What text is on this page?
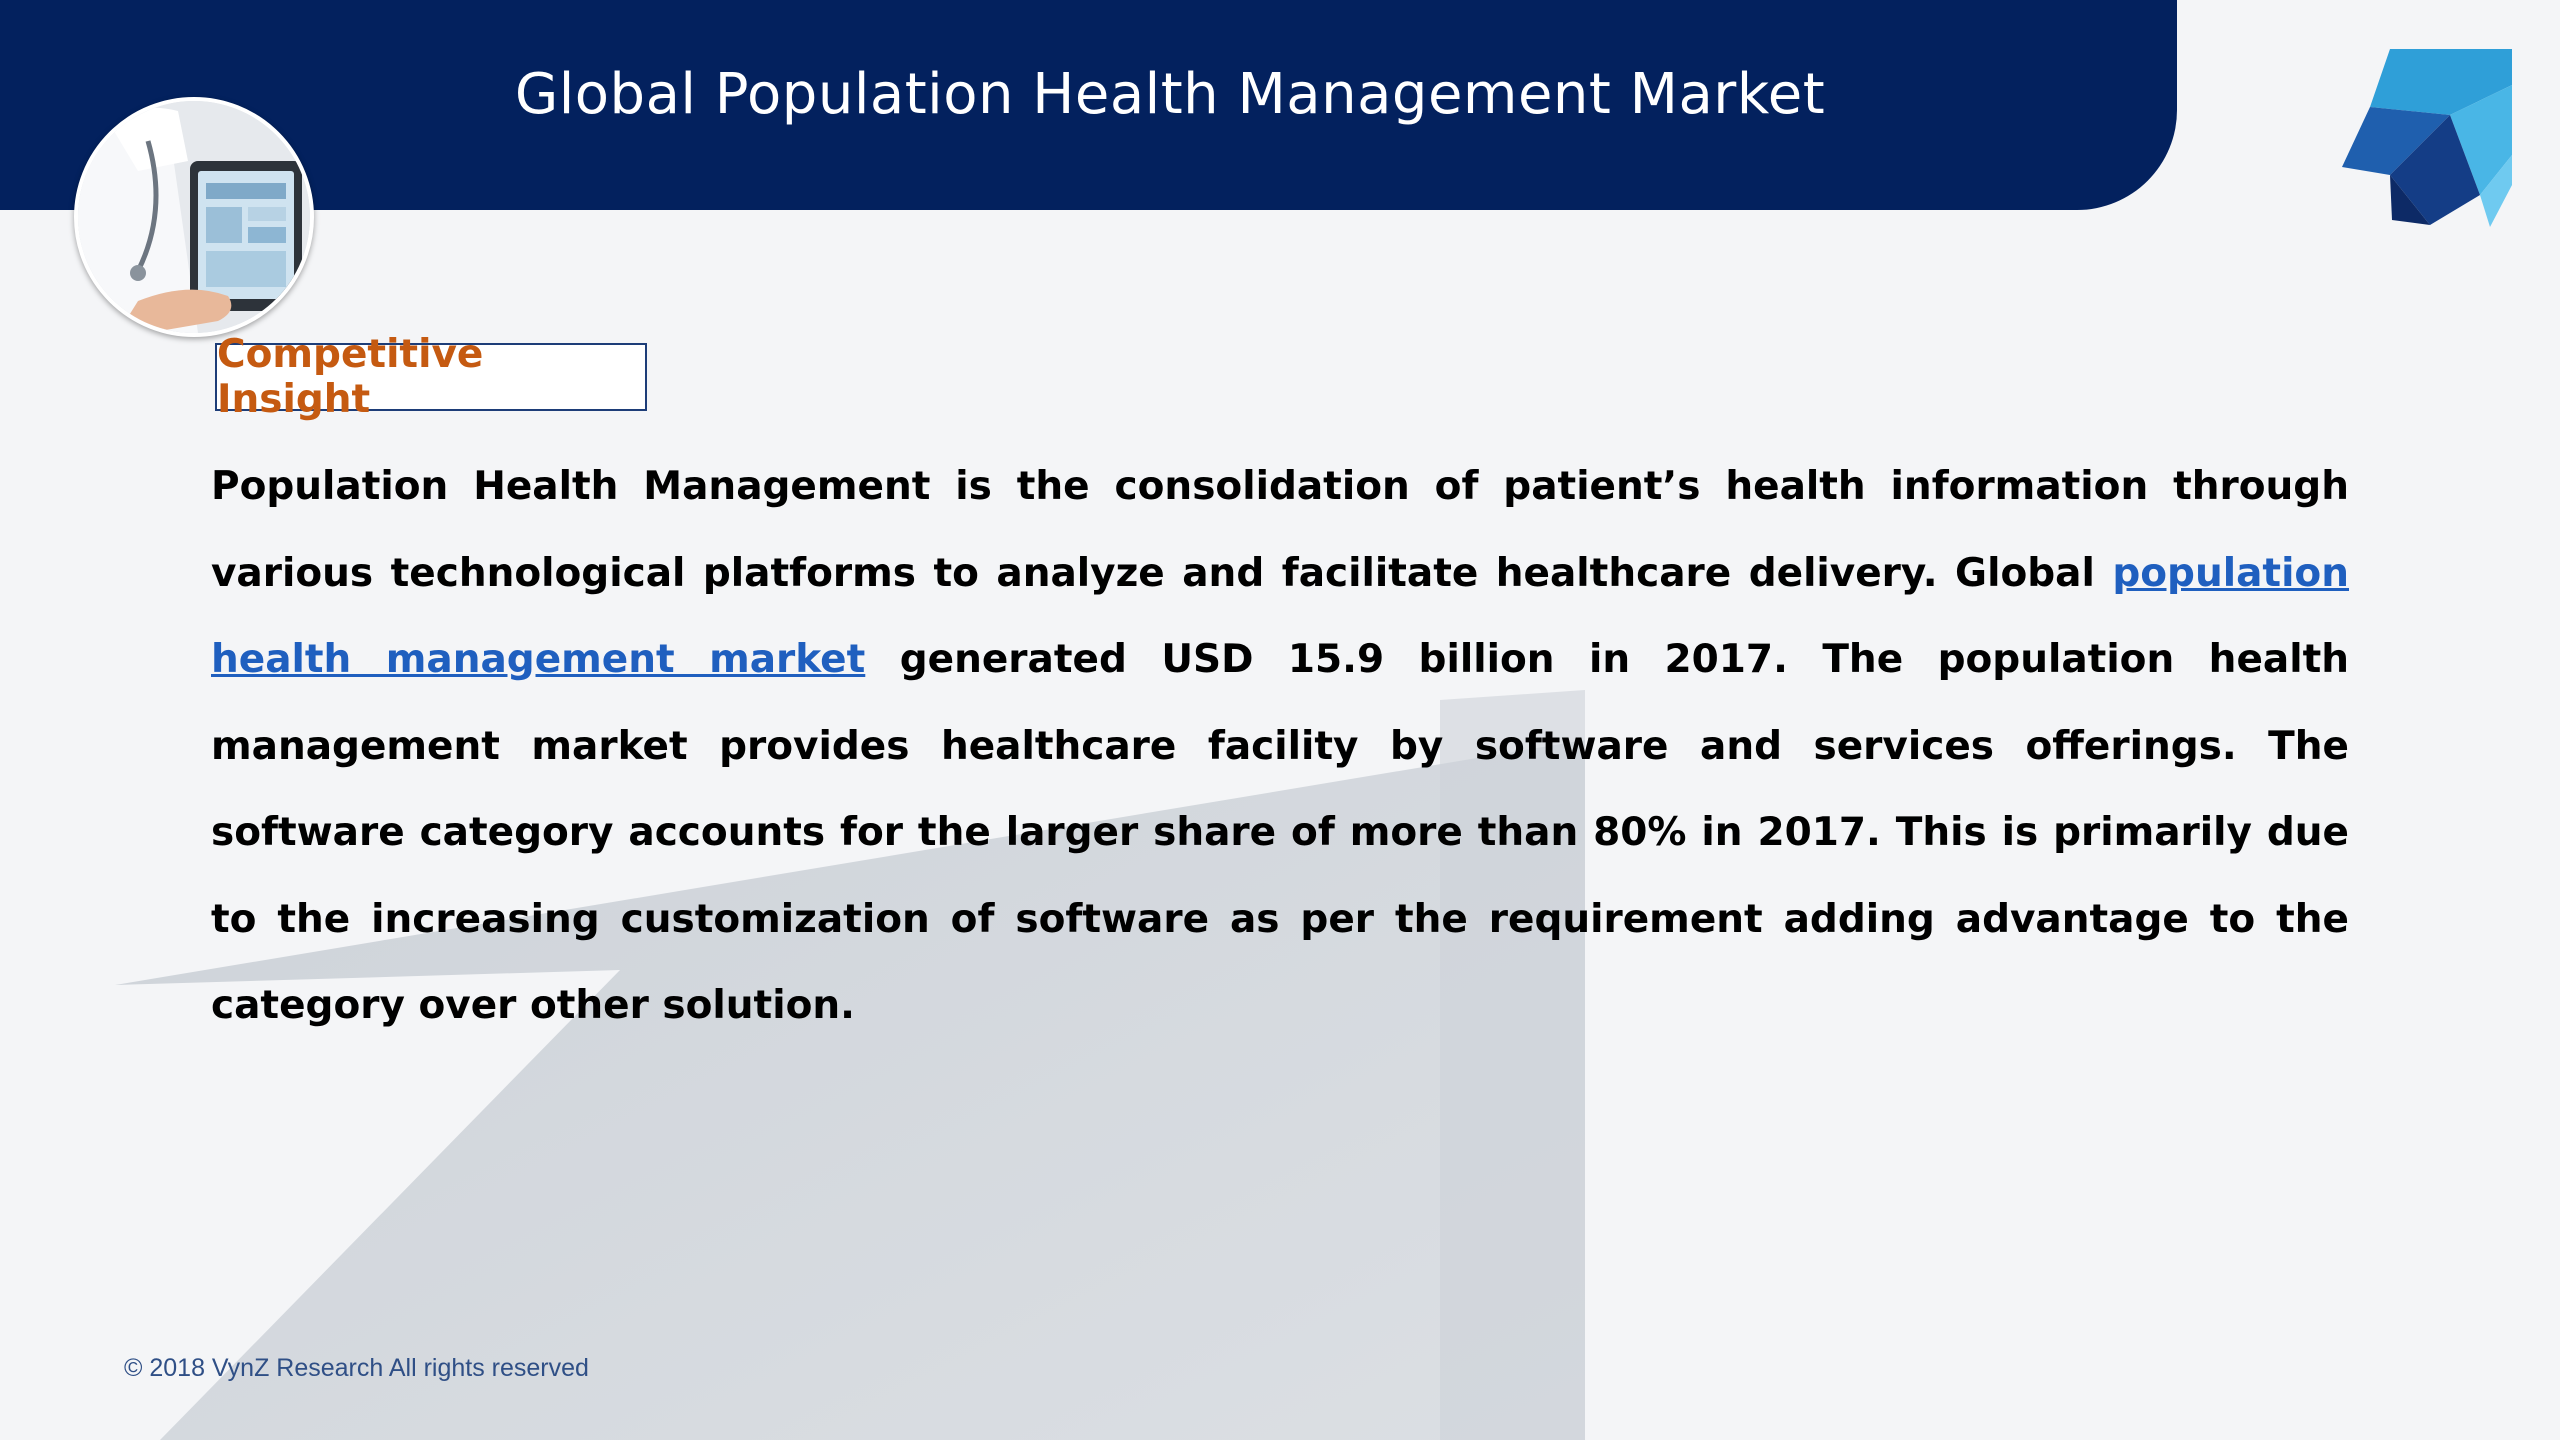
Global Population Health Management Market
Competitive Insight

Population Health Management is the consolidation of patient’s health information through various technological platforms to analyze and facilitate healthcare delivery. Global population health management market generated USD 15.9 billion in 2017. The population health management market provides healthcare facility by software and services offerings. The software category accounts for the larger share of more than 80% in 2017. This is primarily due to the increasing customization of software as per the requirement adding advantage to the category over other solution.

© 2018 VynZ Research All rights reserved
